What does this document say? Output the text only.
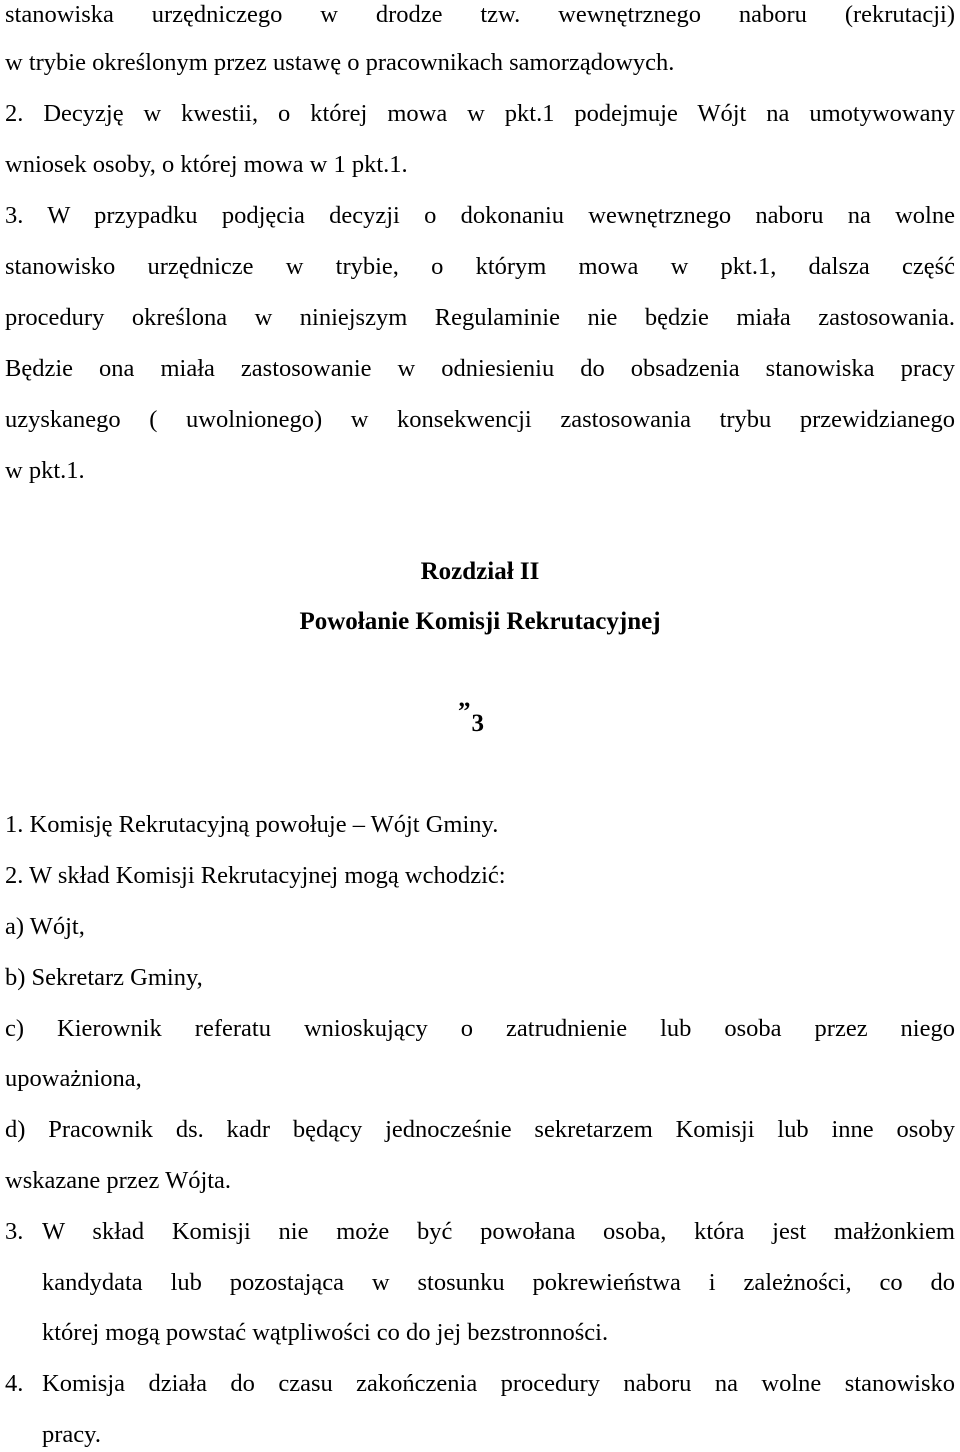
stanowiska urzędniczego w drodze tzw. wewnętrznego naboru (rekrutacji)
w trybie określonym przez ustawę o pracownikach samorządowych.
2. Decyzję w kwestii, o której mowa w pkt.1 podejmuje Wójt na umotywowany
wniosek osoby, o której mowa w 1 pkt.1.
3. W przypadku podjęcia decyzji o dokonaniu wewnętrznego naboru na wolne
stanowisko urzędnicze w trybie, o którym mowa w pkt.1, dalsza część
procedury określona w niniejszym Regulaminie nie będzie miała zastosowania.
Będzie ona miała zastosowanie w odniesieniu do obsadzenia stanowiska pracy
uzyskanego ( uwolnionego) w konsekwencji zastosowania trybu przewidzianego
w pkt.1.
Rozdział II
Powołanie Komisji Rekrutacyjnej
”3
1. Komisję Rekrutacyjną powołuje – Wójt Gminy.
2. W skład Komisji Rekrutacyjnej mogą wchodzić:
a) Wójt,
b) Sekretarz Gminy,
c) Kierownik referatu wnioskujący o zatrudnienie lub osoba przez niego
upoważniona,
d) Pracownik ds. kadr będący jednocześnie sekretarzem Komisji lub inne osoby
wskazane przez Wójta.
3. W skład Komisji nie może być powołana osoba, która jest małżonkiem
kandydata lub pozostająca w stosunku pokrewieństwa i zależności, co do
której mogą powstać wątpliwości co do jej bezstronności.
4. Komisja działa do czasu zakończenia procedury naboru na wolne stanowisko
pracy.
